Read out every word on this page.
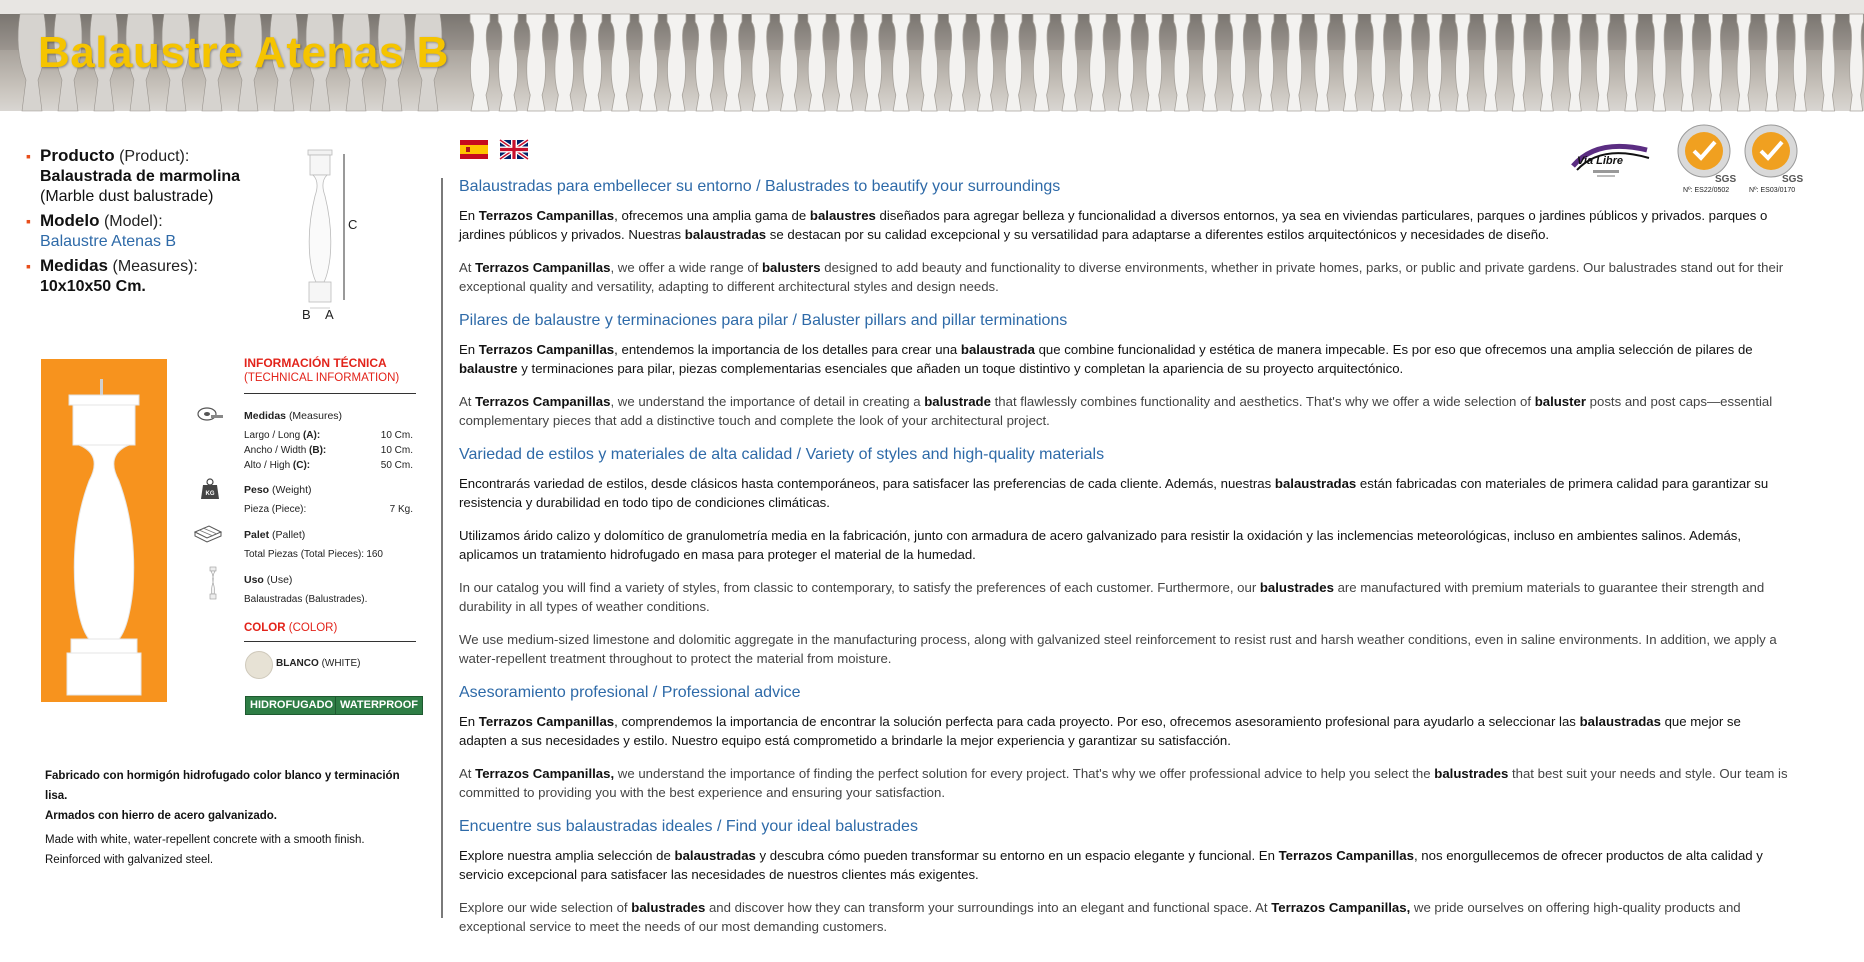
Balaustre Atenas B
▪ Producto (Product):
Balaustrada de marmolina
(Marble dust balustrade)
▪ Modelo (Model):
Balaustre Atenas B
▪ Medidas (Measures):
10x10x50 Cm.
C
B A
INFORMACIÓN TÉCNICA
(TECHNICAL INFORMATION)
Medidas (Measures)
Largo / Long (A):	10 Cm.
Ancho / Width (B):	10 Cm.
Alto / High (C):	50 Cm.
KG	Peso (Weight)
Pieza (Piece):	7 Kg.
Palet (Pallet)
Total Piezas (Total Pieces): 160
Uso (Use)
Balaustradas (Balustrades).
COLOR (COLOR)
BLANCO (WHITE)
HIDROFUGADO WATERPROOF
Fabricado con hormigón hidrofugado color blanco y terminación lisa.
Armados con hierro de acero galvanizado.
Made with white, water-repellent concrete with a smooth finish.
Reinforced with galvanized steel.
Via Libre
SGS	SGS
Nº: ES22/0502	Nº: ES03/0170
Balaustradas para embellecer su entorno / Balustrades to beautify your surroundings

En Terrazos Campanillas, ofrecemos una amplia gama de balaustres diseñados para agregar belleza y funcionalidad a diversos entornos, ya sea en viviendas particulares, parques o jardines públicos y privados. parques o jardines públicos y privados. Nuestras balaustradas se destacan por su calidad excepcional y su versatilidad para adaptarse a diferentes estilos arquitectónicos y necesidades de diseño.

At Terrazos Campanillas, we offer a wide range of balusters designed to add beauty and functionality to diverse environments, whether in private homes, parks, or public and private gardens. Our balustrades stand out for their exceptional quality and versatility, adapting to different architectural styles and design needs.

Pilares de balaustre y terminaciones para pilar / Baluster pillars and pillar terminations

En Terrazos Campanillas, entendemos la importancia de los detalles para crear una balaustrada que combine funcionalidad y estética de manera impecable. Es por eso que ofrecemos una amplia selección de pilares de balaustre y terminaciones para pilar, piezas complementarias esenciales que añaden un toque distintivo y completan la apariencia de su proyecto arquitectónico.

At Terrazos Campanillas, we understand the importance of detail in creating a balustrade that flawlessly combines functionality and aesthetics. That's why we offer a wide selection of baluster posts and post caps—essential complementary pieces that add a distinctive touch and complete the look of your architectural project.

Variedad de estilos y materiales de alta calidad / Variety of styles and high-quality materials

Encontrarás variedad de estilos, desde clásicos hasta contemporáneos, para satisfacer las preferencias de cada cliente. Además, nuestras balaustradas están fabricadas con materiales de primera calidad para garantizar su resistencia y durabilidad en todo tipo de condiciones climáticas.

Utilizamos árido calizo y dolomítico de granulometría media en la fabricación, junto con armadura de acero galvanizado para resistir la oxidación y las inclemencias meteorológicas, incluso en ambientes salinos. Además, aplicamos un tratamiento hidrofugado en masa para proteger el material de la humedad.

In our catalog you will find a variety of styles, from classic to contemporary, to satisfy the preferences of each customer. Furthermore, our balustrades are manufactured with premium materials to guarantee their strength and durability in all types of weather conditions.

We use medium-sized limestone and dolomitic aggregate in the manufacturing process, along with galvanized steel reinforcement to resist rust and harsh weather conditions, even in saline environments. In addition, we apply a water-repellent treatment throughout to protect the material from moisture.

Asesoramiento profesional / Professional advice

En Terrazos Campanillas, comprendemos la importancia de encontrar la solución perfecta para cada proyecto. Por eso, ofrecemos asesoramiento profesional para ayudarlo a seleccionar las balaustradas que mejor se adapten a sus necesidades y estilo. Nuestro equipo está comprometido a brindarle la mejor experiencia y garantizar su satisfacción.

At Terrazos Campanillas, we understand the importance of finding the perfect solution for every project. That's why we offer professional advice to help you select the balustrades that best suit your needs and style. Our team is committed to providing you with the best experience and ensuring your satisfaction.

Encuentre sus balaustradas ideales / Find your ideal balustrades

Explore nuestra amplia selección de balaustradas y descubra cómo pueden transformar su entorno en un espacio elegante y funcional. En Terrazos Campanillas, nos enorgullecemos de ofrecer productos de alta calidad y servicio excepcional para satisfacer las necesidades de nuestros clientes más exigentes.

Explore our wide selection of balustrades and discover how they can transform your surroundings into an elegant and functional space. At Terrazos Campanillas, we pride ourselves on offering high-quality products and exceptional service to meet the needs of our most demanding customers.
